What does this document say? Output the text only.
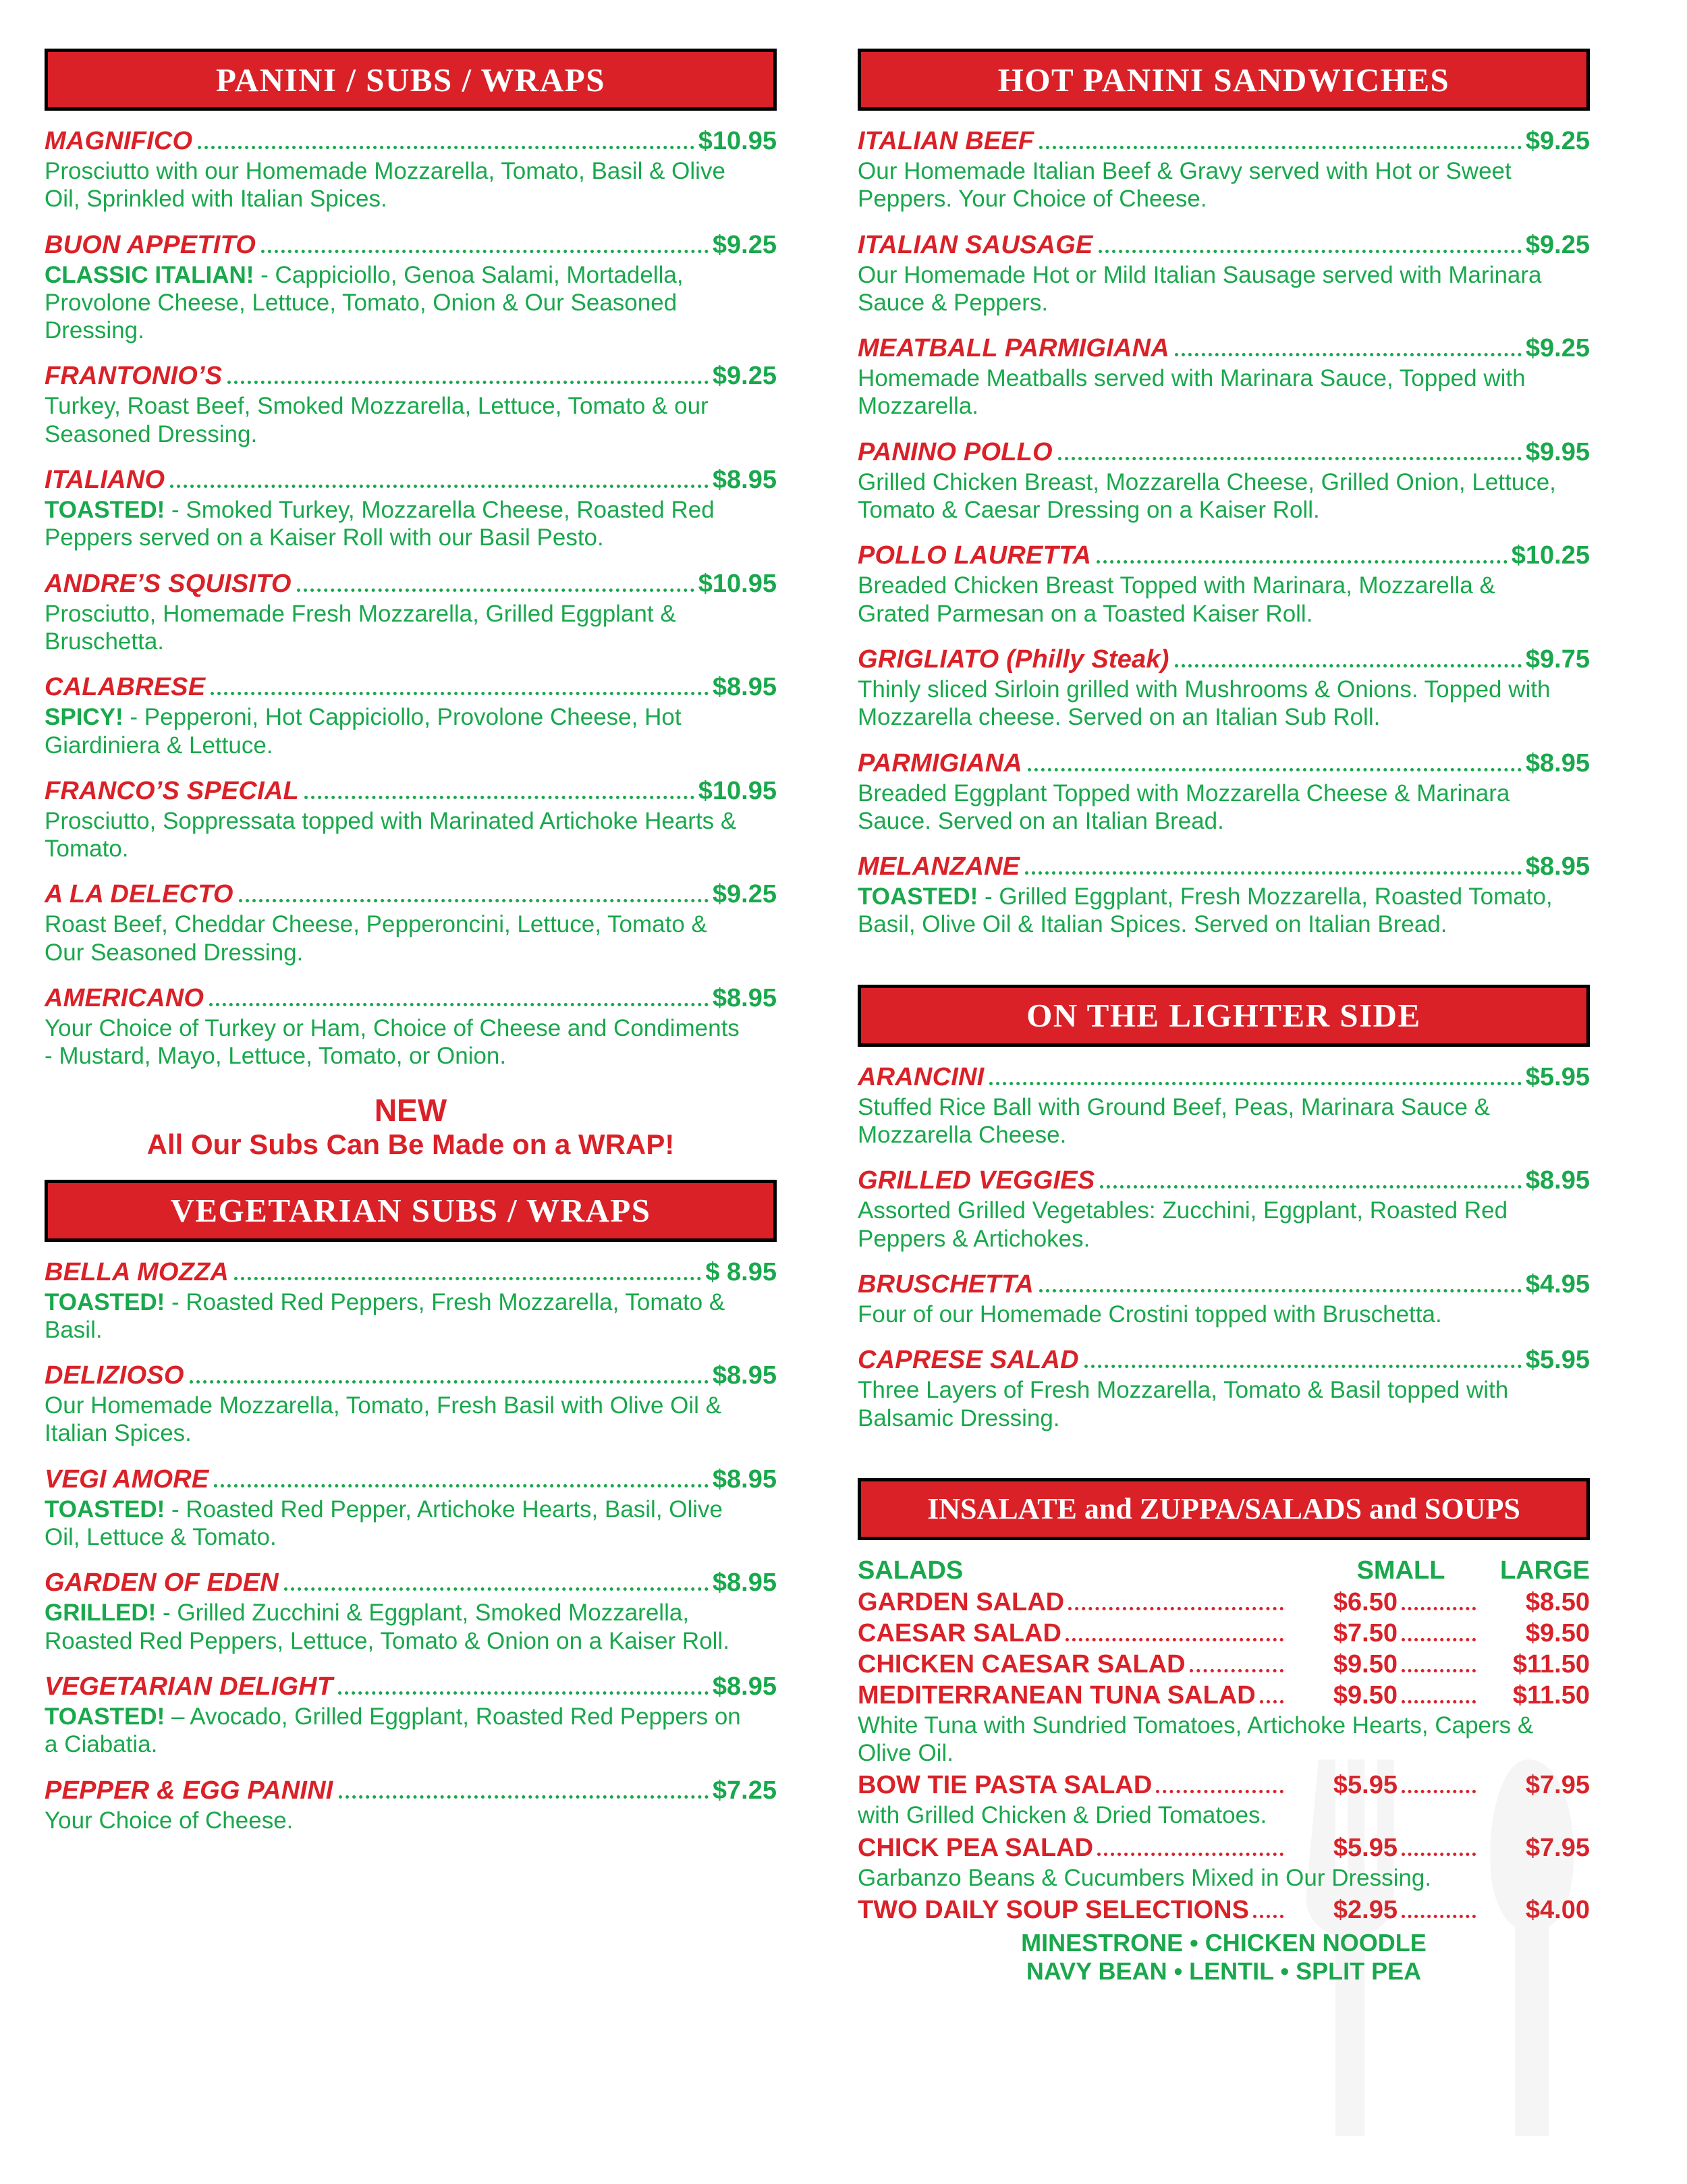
PANINI / SUBS / WRAPS
MAGNIFICO	$10.95
Prosciutto with our Homemade Mozzarella, Tomato, Basil & Olive Oil, Sprinkled with Italian Spices.
BUON APPETITO	$9.25
CLASSIC ITALIAN! - Cappiciollo, Genoa Salami, Mortadella, Provolone Cheese, Lettuce, Tomato, Onion & Our Seasoned Dressing.
FRANTONIO’S	$9.25
Turkey, Roast Beef, Smoked Mozzarella, Lettuce, Tomato & our Seasoned Dressing.
ITALIANO	$8.95
TOASTED! - Smoked Turkey, Mozzarella Cheese, Roasted Red Peppers served on a Kaiser Roll with our Basil Pesto.
ANDRE’S SQUISITO	$10.95
Prosciutto, Homemade Fresh Mozzarella, Grilled Eggplant & Bruschetta.
CALABRESE	$8.95
SPICY! - Pepperoni, Hot Cappiciollo, Provolone Cheese, Hot Giardiniera & Lettuce.
FRANCO’S SPECIAL	$10.95
Prosciutto, Soppressata topped with Marinated Artichoke Hearts & Tomato.
A LA DELECTO	$9.25
Roast Beef, Cheddar Cheese, Pepperoncini, Lettuce, Tomato & Our Seasoned Dressing.
AMERICANO	$8.95
Your Choice of Turkey or Ham, Choice of Cheese and Condiments - Mustard, Mayo, Lettuce, Tomato, or Onion.
NEW
All Our Subs Can Be Made on a WRAP!
VEGETARIAN SUBS / WRAPS
BELLA MOZZA	$ 8.95
TOASTED! - Roasted Red Peppers, Fresh Mozzarella, Tomato & Basil.
DELIZIOSO	$8.95
Our Homemade Mozzarella, Tomato, Fresh Basil with Olive Oil & Italian Spices.
VEGI AMORE	$8.95
TOASTED! - Roasted Red Pepper, Artichoke Hearts, Basil, Olive Oil, Lettuce & Tomato.
GARDEN OF EDEN	$8.95
GRILLED! - Grilled Zucchini & Eggplant, Smoked Mozzarella, Roasted Red Peppers, Lettuce, Tomato & Onion on a Kaiser Roll.
VEGETARIAN DELIGHT	$8.95
TOASTED! – Avocado, Grilled Eggplant, Roasted Red Peppers on a Ciabatia.
PEPPER & EGG PANINI	$7.25
Your Choice of Cheese.
HOT PANINI SANDWICHES
ITALIAN BEEF	$9.25
Our Homemade Italian Beef & Gravy served with Hot or Sweet Peppers. Your Choice of Cheese.
ITALIAN SAUSAGE	$9.25
Our Homemade Hot or Mild Italian Sausage served with Marinara Sauce & Peppers.
MEATBALL PARMIGIANA	$9.25
Homemade Meatballs served with Marinara Sauce, Topped with Mozzarella.
PANINO POLLO	$9.95
Grilled Chicken Breast, Mozzarella Cheese, Grilled Onion, Lettuce, Tomato & Caesar Dressing on a Kaiser Roll.
POLLO LAURETTA	$10.25
Breaded Chicken Breast Topped with Marinara, Mozzarella & Grated Parmesan on a Toasted Kaiser Roll.
GRIGLIATO (Philly Steak)	$9.75
Thinly sliced Sirloin grilled with Mushrooms & Onions. Topped with Mozzarella cheese. Served on an Italian Sub Roll.
PARMIGIANA	$8.95
Breaded Eggplant Topped with Mozzarella Cheese & Marinara Sauce. Served on an Italian Bread.
MELANZANE	$8.95
TOASTED! - Grilled Eggplant, Fresh Mozzarella, Roasted Tomato, Basil, Olive Oil & Italian Spices. Served on Italian Bread.
ON THE LIGHTER SIDE
ARANCINI	$5.95
Stuffed Rice Ball with Ground Beef, Peas, Marinara Sauce & Mozzarella Cheese.
GRILLED VEGGIES	$8.95
Assorted Grilled Vegetables: Zucchini, Eggplant, Roasted Red Peppers & Artichokes.
BRUSCHETTA	$4.95
Four of our Homemade Crostini topped with Bruschetta.
CAPRESE SALAD	$5.95
Three Layers of Fresh Mozzarella, Tomato & Basil topped with Balsamic Dressing.
INSALATE and ZUPPA/SALADS and SOUPS
SALADS	SMALL	LARGE
GARDEN SALAD	$6.50	$8.50
CAESAR SALAD	$7.50	$9.50
CHICKEN CAESAR SALAD	$9.50	$11.50
MEDITERRANEAN TUNA SALAD	$9.50	$11.50
White Tuna with Sundried Tomatoes, Artichoke Hearts, Capers & Olive Oil.
BOW TIE PASTA SALAD	$5.95	$7.95
with Grilled Chicken & Dried Tomatoes.
CHICK PEA SALAD	$5.95	$7.95
Garbanzo Beans & Cucumbers Mixed in Our Dressing.
TWO DAILY SOUP SELECTIONS	$2.95	$4.00
MINESTRONE • CHICKEN NOODLE
NAVY BEAN • LENTIL • SPLIT PEA
